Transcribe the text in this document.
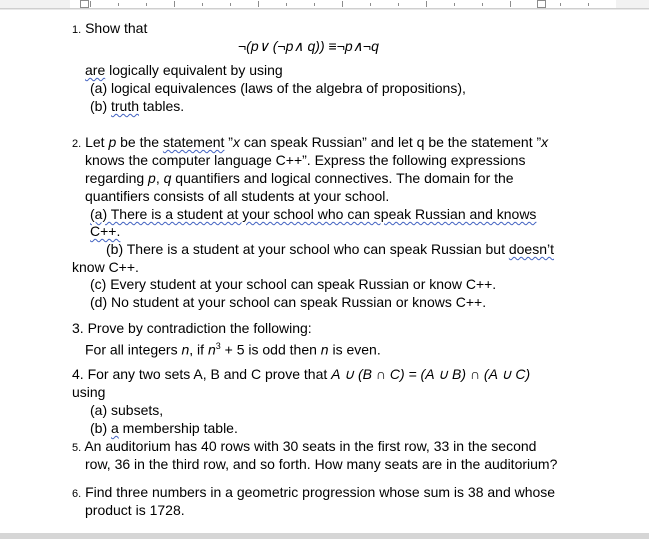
1. Show that
¬(p∨ (¬p∧ q)) ≡¬p∧¬q
are logically equivalent by using
(a) logical equivalences (laws of the algebra of propositions),
(b) truth tables.
2. Let p be the statement ”x can speak Russian” and let q be the statement ”x
knows the computer language C++”. Express the following expressions
regarding p, q quantifiers and logical connectives. The domain for the
quantifiers consists of all students at your school.
(a) There is a student at your school who can speak Russian and knows
C++.
(b) There is a student at your school who can speak Russian but doesn’t
know C++.
(c) Every student at your school can speak Russian or know C++.
(d) No student at your school can speak Russian or knows C++.
3. Prove by contradiction the following:
For all integers n, if $n^3 + 5$ is odd then n is even.
4. For any two sets A, B and C prove that A ∪ (B ∩ C) = (A ∪ B) ∩ (A ∪ C)
using
(a) subsets,
(b) a membership table.
5. An auditorium has 40 rows with 30 seats in the first row, 33 in the second
row, 36 in the third row, and so forth. How many seats are in the auditorium?
6. Find three numbers in a geometric progression whose sum is 38 and whose
product is 1728.
